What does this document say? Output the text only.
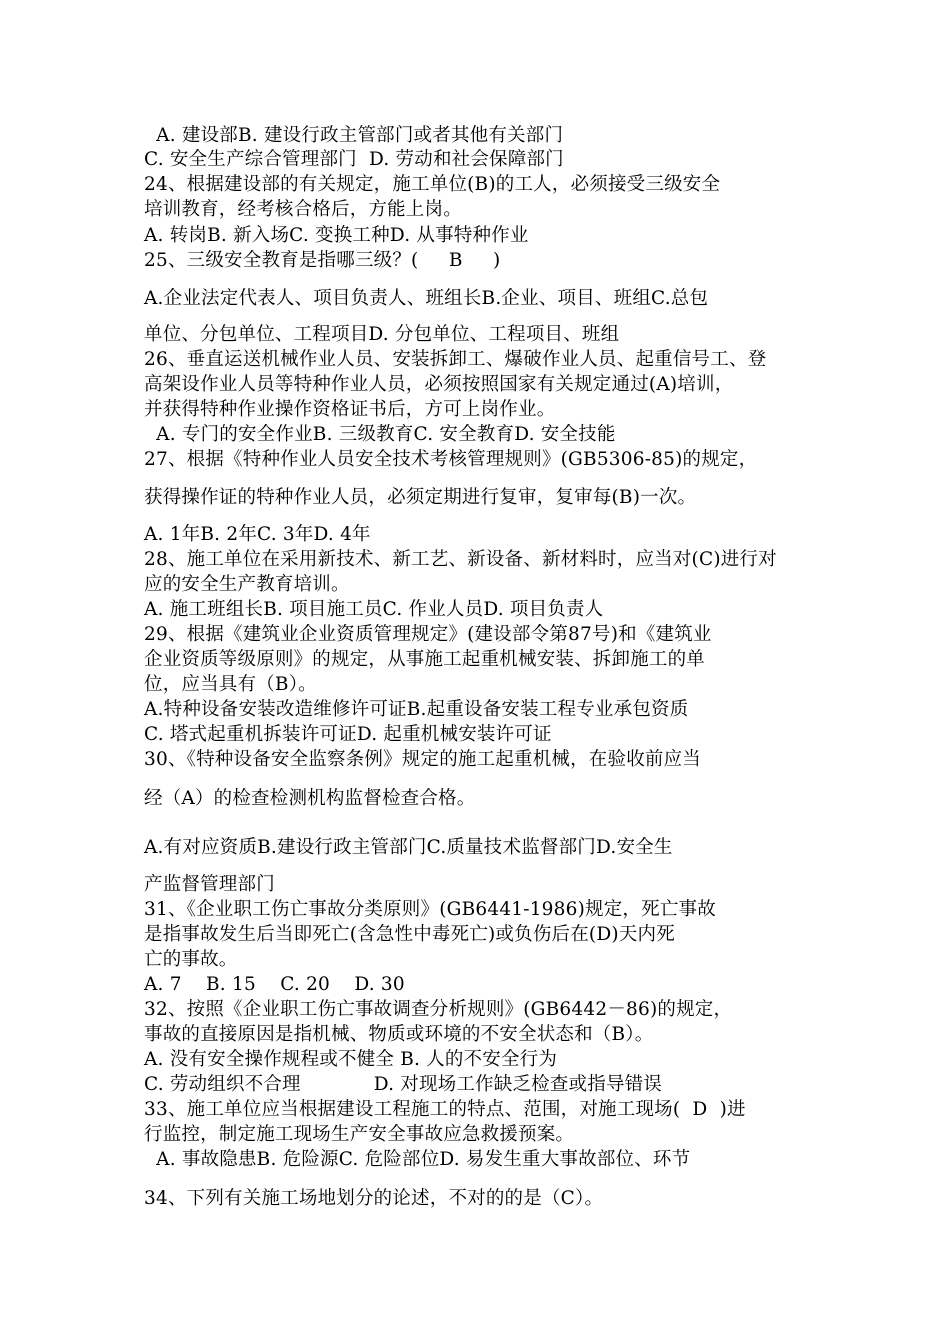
A. 建设部B. 建设行政主管部门或者其他有关部门
C. 安全生产综合管理部门  D. 劳动和社会保障部门
24、根据建设部的有关规定，施工单位(B)的工人，必须接受三级安全
培训教育，经考核合格后，方能上岗。
A. 转岗B. 新入场C. 变换工种D. 从事特种作业
25、三级安全教育是指哪三级？(     B     )
A.企业法定代表人、项目负责人、班组长B.企业、项目、班组C.总包
单位、分包单位、工程项目D. 分包单位、工程项目、班组
26、垂直运送机械作业人员、安装拆卸工、爆破作业人员、起重信号工、登
高架设作业人员等特种作业人员，必须按照国家有关规定通过(A)培训，
并获得特种作业操作资格证书后，方可上岗作业。
A. 专门的安全作业B. 三级教育C. 安全教育D. 安全技能
27、根据《特种作业人员安全技术考核管理规则》(GB5306-85)的规定，
获得操作证的特种作业人员，必须定期进行复审，复审每(B)一次。
A. 1年B. 2年C. 3年D. 4年
28、施工单位在采用新技术、新工艺、新设备、新材料时，应当对(C)进行对
应的安全生产教育培训。
A. 施工班组长B. 项目施工员C. 作业人员D. 项目负责人
29、根据《建筑业企业资质管理规定》(建设部令第87号)和《建筑业
企业资质等级原则》的规定，从事施工起重机械安装、拆卸施工的单
位，应当具有（B）。
A.特种设备安装改造维修许可证B.起重设备安装工程专业承包资质
C. 塔式起重机拆装许可证D. 起重机械安装许可证
30、《特种设备安全监察条例》规定的施工起重机械，在验收前应当
经（A）的检查检测机构监督检查合格。
A.有对应资质B.建设行政主管部门C.质量技术监督部门D.安全生
产监督管理部门
31、《企业职工伤亡事故分类原则》(GB6441-1986)规定，死亡事故
是指事故发生后当即死亡(含急性中毒死亡)或负伤后在(D)天内死
亡的事故。
A. 7    B. 15    C. 20    D. 30
32、按照《企业职工伤亡事故调查分析规则》(GB6442－86)的规定，
事故的直接原因是指机械、物质或环境的不安全状态和（B）。
A. 没有安全操作规程或不健全 B. 人的不安全行为
C. 劳动组织不合理            D. 对现场工作缺乏检查或指导错误
33、施工单位应当根据建设工程施工的特点、范围，对施工现场(  D  )进
行监控，制定施工现场生产安全事故应急救援预案。
A. 事故隐患B. 危险源C. 危险部位D. 易发生重大事故部位、环节
34、下列有关施工场地划分的论述，不对的的是（C）。
